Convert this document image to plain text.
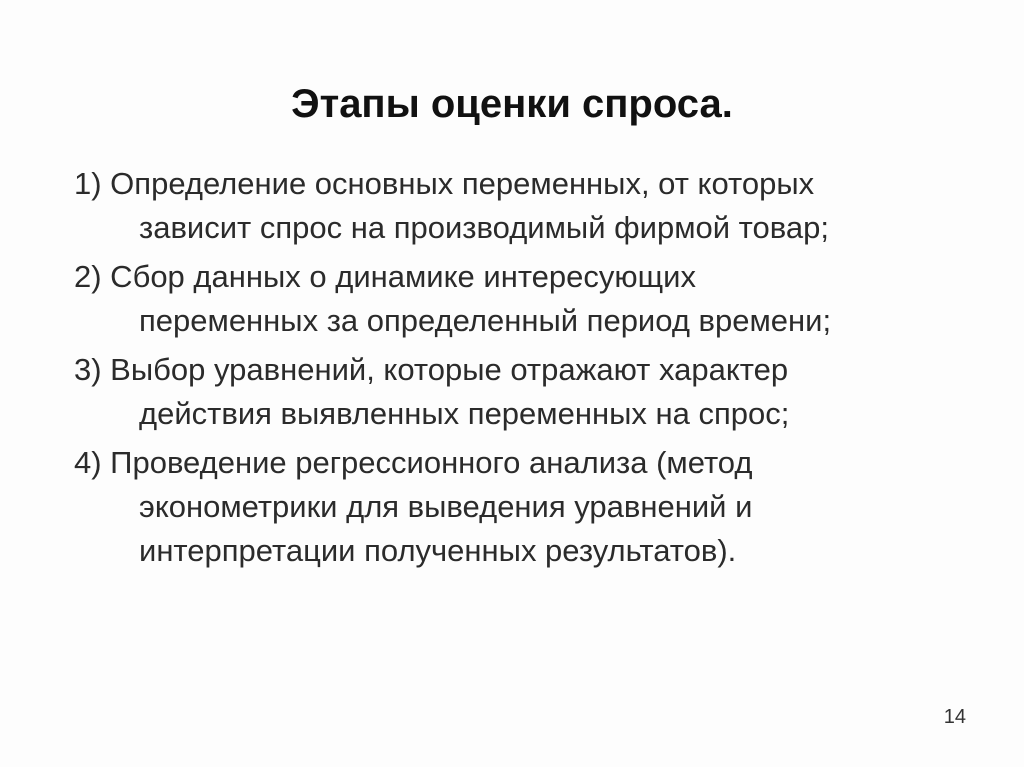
Этапы оценки спроса.
1) Определение основных переменных, от которых
зависит спрос на производимый фирмой товар;
2) Сбор данных о динамике интересующих
переменных за определенный период времени;
3) Выбор уравнений, которые отражают характер
действия выявленных переменных на спрос;
4) Проведение регрессионного анализа (метод
эконометрики для выведения уравнений и
интерпретации полученных результатов).
14
